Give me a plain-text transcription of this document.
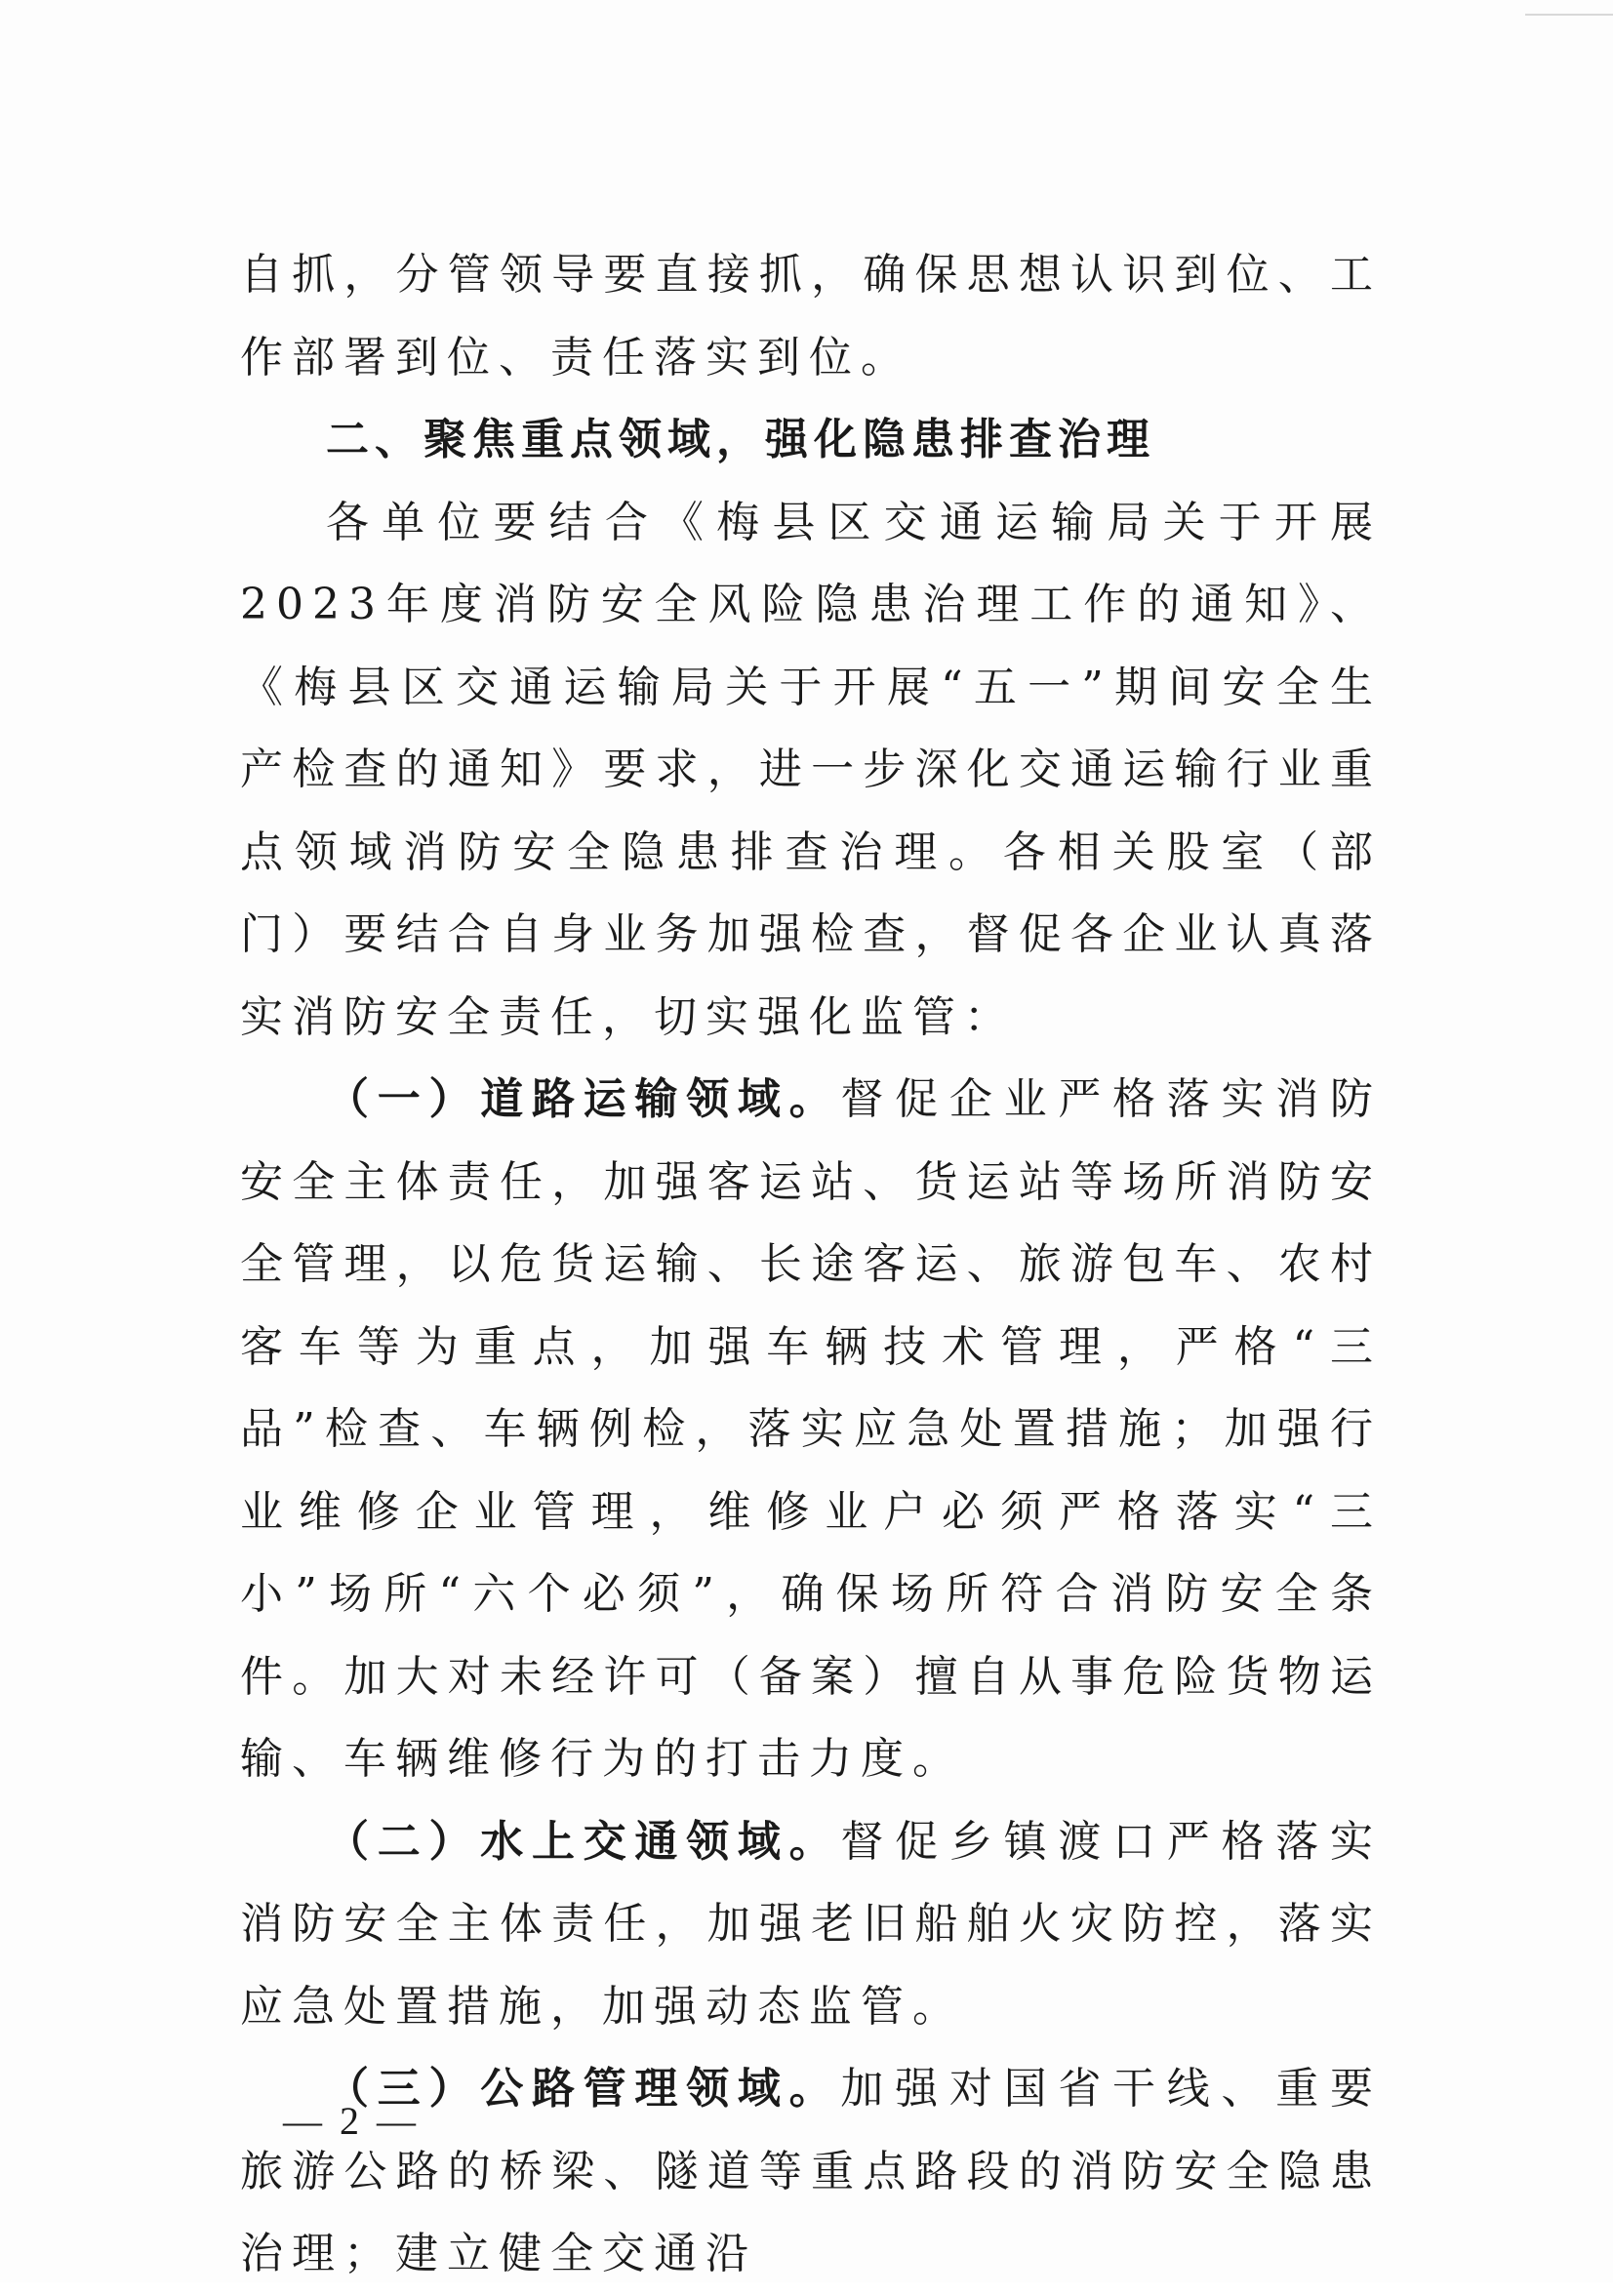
自抓，分管领导要直接抓，确保思想认识到位、工作部署到位、责任落实到位。

二、聚焦重点领域，强化隐患排查治理

各单位要结合《梅县区交通运输局关于开展2023年度消防安全风险隐患治理工作的通知》、《梅县区交通运输局关于开展“五一”期间安全生产检查的通知》要求，进一步深化交通运输行业重点领域消防安全隐患排查治理。各相关股室（部门）要结合自身业务加强检查，督促各企业认真落实消防安全责任，切实强化监管：

（一）道路运输领域。督促企业严格落实消防安全主体责任，加强客运站、货运站等场所消防安全管理，以危货运输、长途客运、旅游包车、农村客车等为重点，加强车辆技术管理，严格“三品”检查、车辆例检，落实应急处置措施；加强行业维修企业管理，维修业户必须严格落实“三小”场所“六个必须”，确保场所符合消防安全条件。加大对未经许可（备案）擅自从事危险货物运输、车辆维修行为的打击力度。

（二）水上交通领域。督促乡镇渡口严格落实消防安全主体责任，加强老旧船舶火灾防控，落实应急处置措施，加强动态监管。

（三）公路管理领域。加强对国省干线、重要旅游公路的桥梁、隧道等重点路段的消防安全隐患治理；建立健全交通沿

— 2 —
